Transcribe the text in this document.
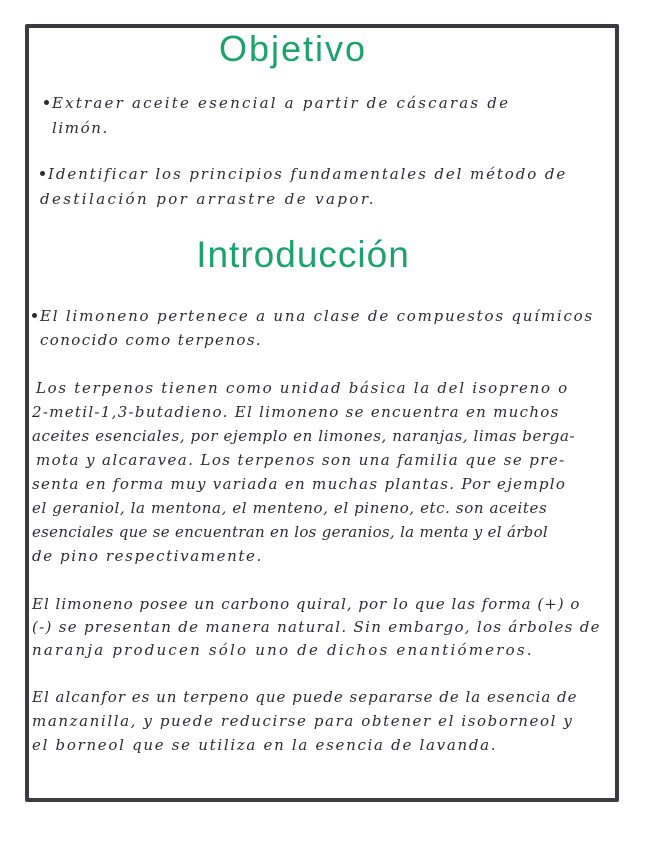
Objetivo
Extraer aceite esencial a partir de cáscaras de
limón.
Identificar los principios fundamentales del método de
destilación por arrastre de vapor.
Introducción
El limoneno pertenece a una clase de compuestos químicos
conocido como terpenos.
Los terpenos tienen como unidad básica la del isopreno o
2-metil-1,3-butadieno. El limoneno se encuentra en muchos
aceites esenciales, por ejemplo en limones, naranjas, limas berga-
mota y alcaravea. Los terpenos son una familia que se pre-
senta en forma muy variada en muchas plantas. Por ejemplo
el geraniol, la mentona, el menteno, el pineno, etc. son aceites
esenciales que se encuentran en los geranios, la menta y el árbol
de pino respectivamente.
El limoneno posee un carbono quiral, por lo que las forma (+) o
(-) se presentan de manera natural. Sin embargo, los árboles de
naranja producen sólo uno de dichos enantiómeros.
El alcanfor es un terpeno que puede separarse de la esencia de
manzanilla, y puede reducirse para obtener el isoborneol y
el borneol que se utiliza en la esencia de lavanda.
